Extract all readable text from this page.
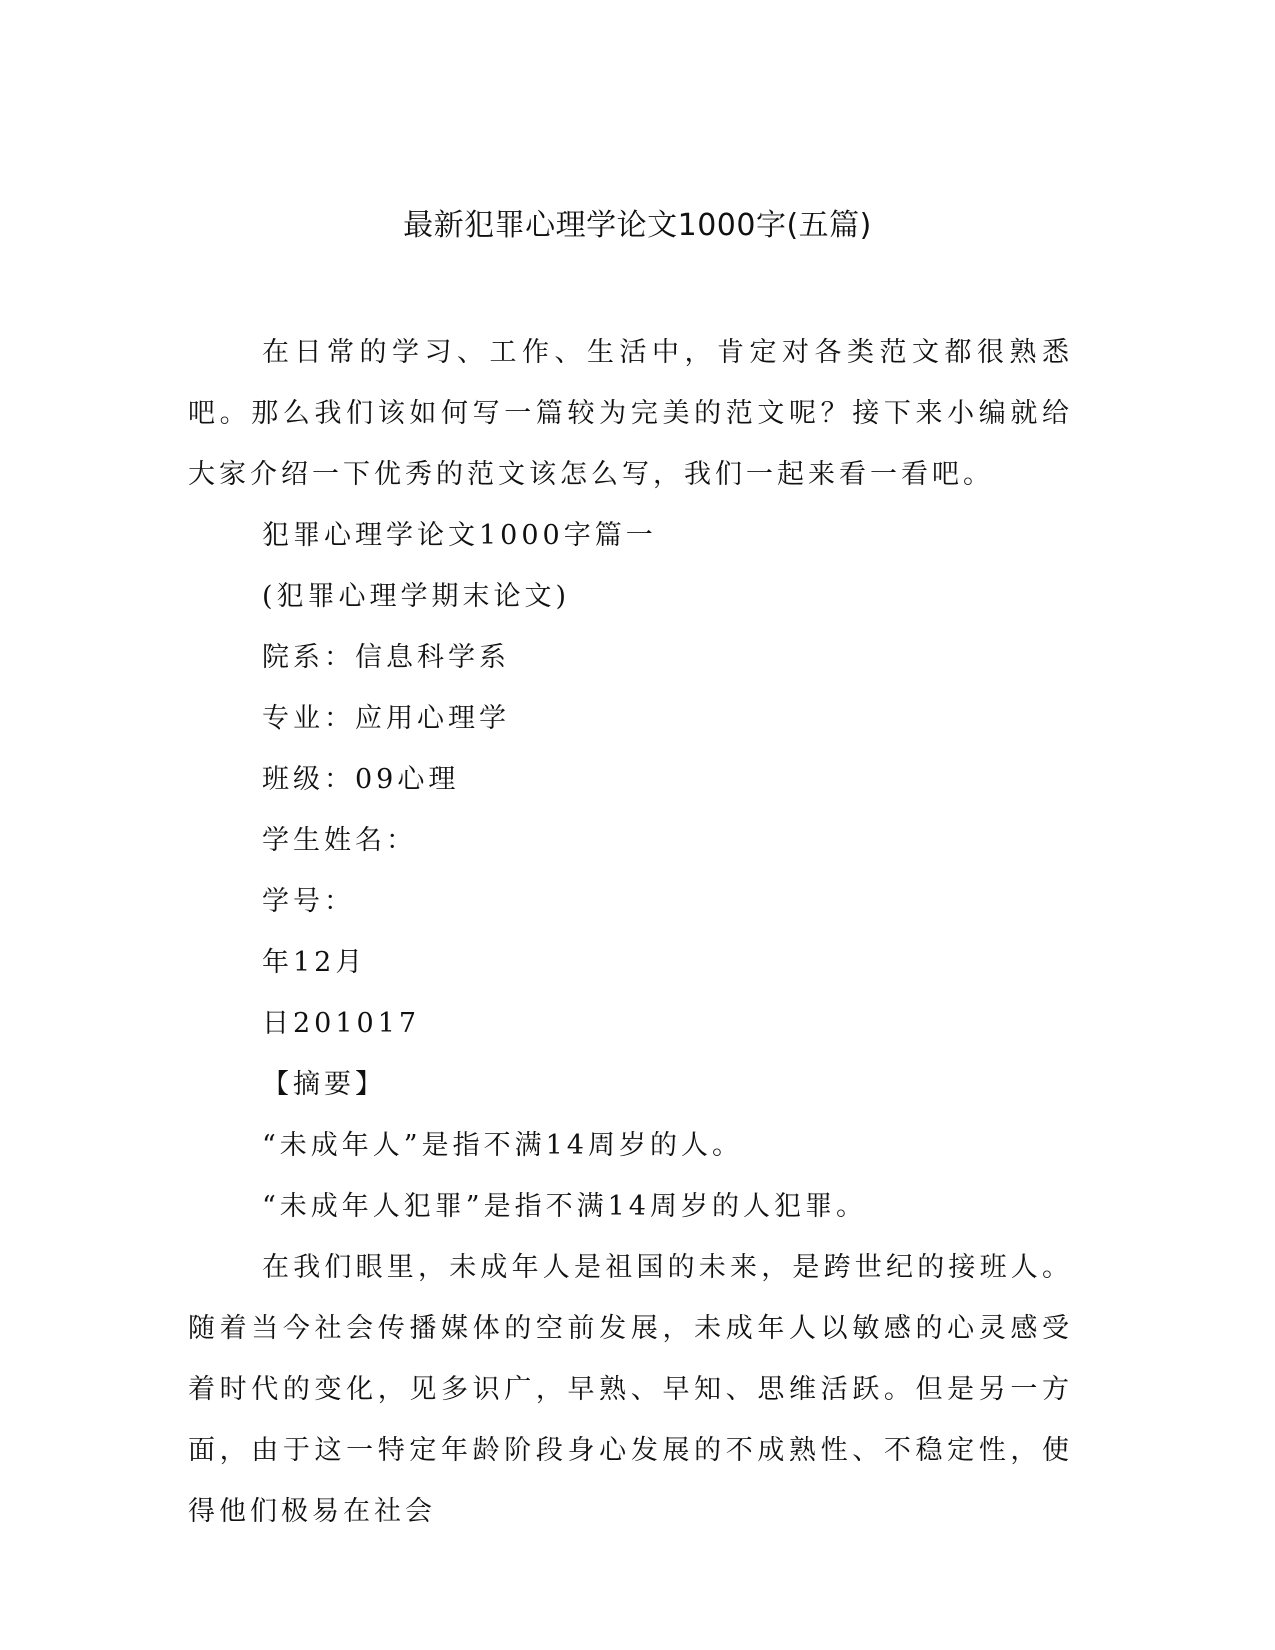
最新犯罪心理学论文1000字(五篇)

在日常的学习、工作、生活中，肯定对各类范文都很熟悉吧。那么我们该如何写一篇较为完美的范文呢？接下来小编就给大家介绍一下优秀的范文该怎么写，我们一起来看一看吧。

犯罪心理学论文1000字篇一

(犯罪心理学期末论文)

院系：信息科学系

专业：应用心理学

班级：09心理

学生姓名：

学号：

年12月

日201017

【摘要】

“未成年人”是指不满14周岁的人。

“未成年人犯罪”是指不满14周岁的人犯罪。

在我们眼里，未成年人是祖国的未来，是跨世纪的接班人。随着当今社会传播媒体的空前发展，未成年人以敏感的心灵感受着时代的变化，见多识广，早熟、早知、思维活跃。但是另一方面，由于这一特定年龄阶段身心发展的不成熟性、不稳定性，使得他们极易在社会
